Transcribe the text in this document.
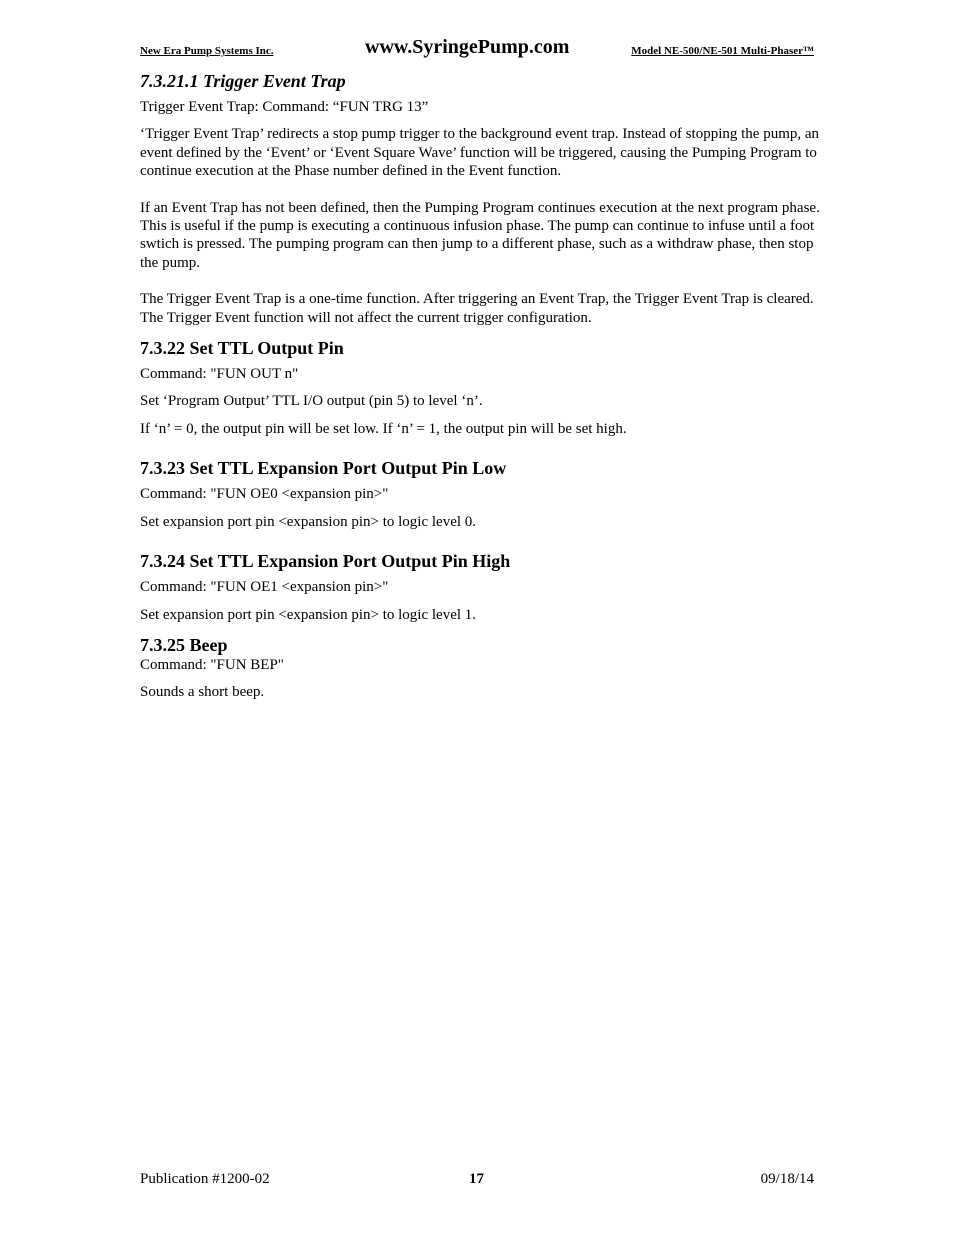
New Era Pump Systems Inc.	www.SyringePump.com	Model NE-500/NE-501 Multi-Phaser™
7.3.21.1 Trigger Event Trap

Trigger Event Trap: Command: “FUN TRG 13”

‘Trigger Event Trap’ redirects a stop pump trigger to the background event trap. Instead of stopping the pump, an event defined by the ‘Event’ or ‘Event Square Wave’ function will be triggered, causing the Pumping Program to continue execution at the Phase number defined in the Event function.

If an Event Trap has not been defined, then the Pumping Program continues execution at the next program phase. This is useful if the pump is executing a continuous infusion phase. The pump can continue to infuse until a foot swtich is pressed. The pumping program can then jump to a different phase, such as a withdraw phase, then stop the pump.

The Trigger Event Trap is a one-time function. After triggering an Event Trap, the Trigger Event Trap is cleared. The Trigger Event function will not affect the current trigger configuration.

7.3.22 Set TTL Output Pin

Command: "FUN OUT n"

Set ‘Program Output’ TTL I/O output (pin 5) to level ‘n’.

If ‘n’ = 0, the output pin will be set low. If ‘n’ = 1, the output pin will be set high.

7.3.23 Set TTL Expansion Port Output Pin Low

Command: "FUN OE0 <expansion pin>"

Set expansion port pin <expansion pin> to logic level 0.

7.3.24 Set TTL Expansion Port Output Pin High

Command: "FUN OE1 <expansion pin>"

Set expansion port pin <expansion pin> to logic level 1.

7.3.25 Beep

Command: "FUN BEP"

Sounds a short beep.

Publication #1200-02	17	09/18/14
